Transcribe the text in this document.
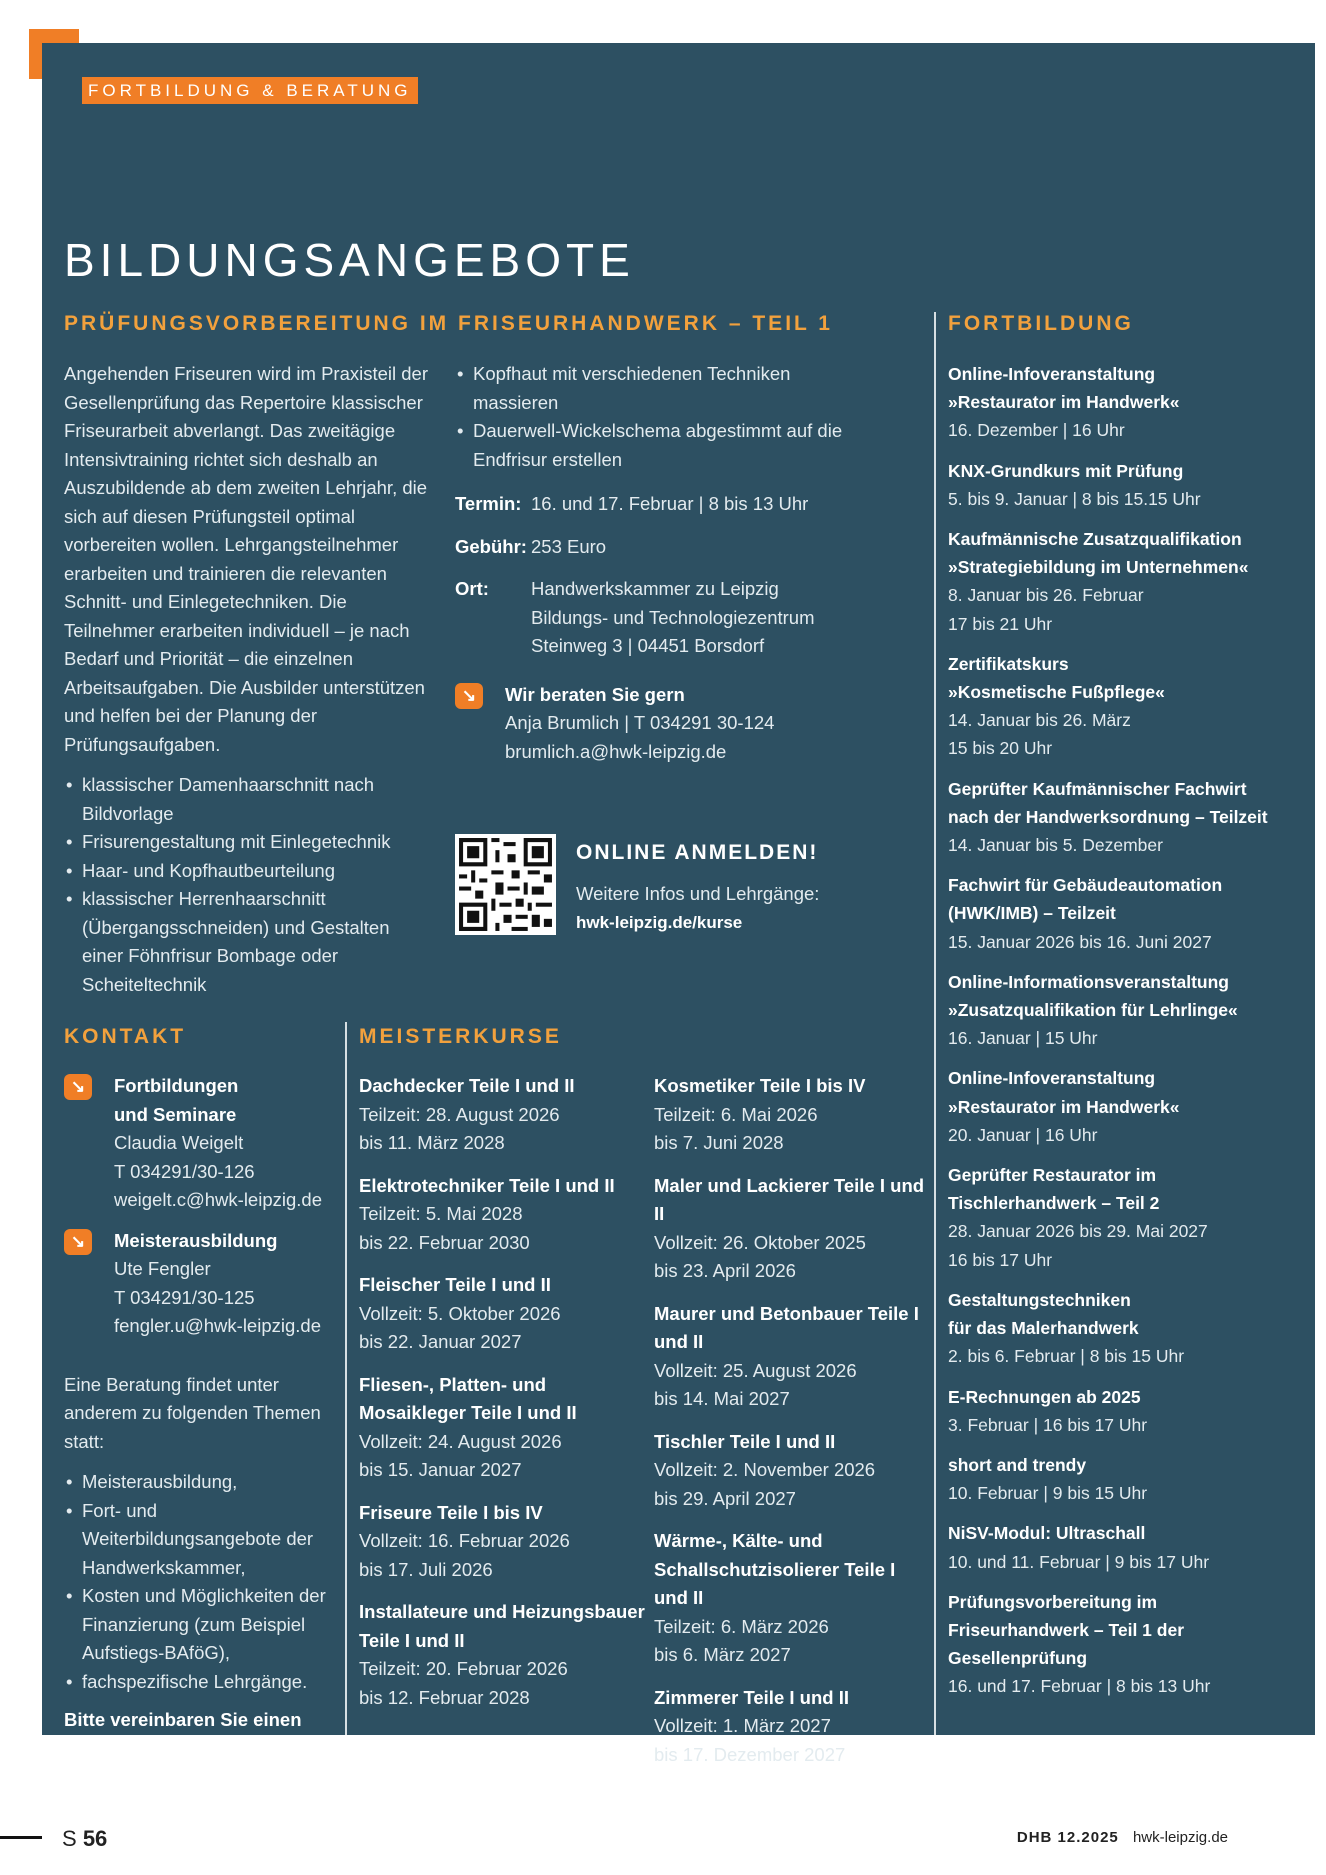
FORTBILDUNG & BERATUNG
BILDUNGSANGEBOTE
PRÜFUNGSVORBEREITUNG IM FRISEURHANDWERK – TEIL 1	FORTBILDUNG
KONTAKT	MEISTERKURSE

Angehenden Friseuren wird im Praxisteil der Gesellenprüfung das Repertoire klassischer Friseurarbeit abverlangt. Das zweitägige Intensivtraining richtet sich deshalb an Auszubildende ab dem zweiten Lehrjahr, die sich auf diesen Prüfungsteil optimal vorbereiten wollen. Lehrgangsteilnehmer erarbeiten und trainieren die relevanten Schnitt- und Einlegetechniken. Die Teilnehmer erarbeiten individuell – je nach Bedarf und Priorität – die einzelnen Arbeitsaufgaben. Die Ausbilder unterstützen und helfen bei der Planung der Prüfungsaufgaben.

• klassischer Damenhaarschnitt nach Bildvorlage
• Frisurengestaltung mit Einlegetechnik
• Haar- und Kopfhautbeurteilung
• klassischer Herrenhaarschnitt (Übergangsschneiden) und Gestalten einer Föhnfrisur Bombage oder Scheiteltechnik
• Kopfhaut mit verschiedenen Techniken massieren
• Dauerwell-Wickelschema abgestimmt auf die Endfrisur erstellen
Termin: 16. und 17. Februar | 8 bis 13 Uhr
Gebühr: 253 Euro
Ort:	Handwerkskammer zu Leipzig
Bildungs- und Technologiezentrum
Steinweg 3 | 04451 Borsdorf
↘	Wir beraten Sie gern

Anja Brumlich | T 034291 30-124

brumlich.a@hwk-leipzig.de

ONLINE ANMELDEN!

Weitere Infos und Lehrgänge:

hwk-leipzig.de/kurse

↘	Fortbildungen
und Seminare

Claudia Weigelt

T 034291/30-126

weigelt.c@hwk-leipzig.de

↘	Meisterausbildung

Ute Fengler

T 034291/30-125

fengler.u@hwk-leipzig.de

Eine Beratung findet unter anderem zu folgenden Themen statt:

• Meisterausbildung,
• Fort- und Weiterbildungsangebote der Handwerkskammer,
• Kosten und Möglichkeiten der Finanzierung (zum Beispiel Aufstiegs-BAföG),
• fachspezifische Lehrgänge.

Bitte vereinbaren Sie einen individuellen Termin.

Dachdecker Teile I und II

Teilzeit: 28. August 2026

bis 11. März 2028

Elektrotechniker Teile I und II

Teilzeit: 5. Mai 2028

bis 22. Februar 2030

Fleischer Teile I und II

Vollzeit: 5. Oktober 2026

bis 22. Januar 2027

Fliesen-, Platten- und Mosaikleger Teile I und II

Vollzeit: 24. August 2026

bis 15. Januar 2027

Friseure Teile I bis IV

Vollzeit: 16. Februar 2026

bis 17. Juli 2026

Installateure und Heizungsbauer Teile I und II

Teilzeit: 20. Februar 2026

bis 12. Februar 2028

Kosmetiker Teile I bis IV

Teilzeit: 6. Mai 2026

bis 7. Juni 2028

Maler und Lackierer Teile I und II

Vollzeit: 26. Oktober 2025

bis 23. April 2026

Maurer und Betonbauer Teile I und II

Vollzeit: 25. August 2026

bis 14. Mai 2027

Tischler Teile I und II

Vollzeit: 2. November 2026

bis 29. April 2027

Wärme-, Kälte- und Schallschutzisolierer Teile I und II

Teilzeit: 6. März 2026

bis 6. März 2027

Zimmerer Teile I und II

Vollzeit: 1. März 2027

bis 17. Dezember 2027

Online-Infoveranstaltung
»Restaurator im Handwerk«

16. Dezember | 16 Uhr

KNX-Grundkurs mit Prüfung

5. bis 9. Januar | 8 bis 15.15 Uhr

Kaufmännische Zusatzqualifikation
»Strategiebildung im Unternehmen«

8. Januar bis 26. Februar
17 bis 21 Uhr

Zertifikatskurs
»Kosmetische Fußpflege«

14. Januar bis 26. März
15 bis 20 Uhr

Geprüfter Kaufmännischer Fachwirt
nach der Handwerksordnung – Teilzeit

14. Januar bis 5. Dezember

Fachwirt für Gebäudeautomation
(HWK/IMB) – Teilzeit

15. Januar 2026 bis 16. Juni 2027

Online-Informationsveranstaltung
»Zusatzqualifikation für Lehrlinge«

16. Januar | 15 Uhr

Online-Infoveranstaltung
»Restaurator im Handwerk«

20. Januar | 16 Uhr

Geprüfter Restaurator im
Tischlerhandwerk – Teil 2

28. Januar 2026 bis 29. Mai 2027
16 bis 17 Uhr

Gestaltungstechniken
für das Malerhandwerk

2. bis 6. Februar | 8 bis 15 Uhr

E-Rechnungen ab 2025

3. Februar | 16 bis 17 Uhr

short and trendy

10. Februar | 9 bis 15 Uhr

NiSV-Modul: Ultraschall

10. und 11. Februar | 9 bis 17 Uhr

Prüfungsvorbereitung im Friseurhandwerk – Teil 1 der Gesellenprüfung

16. und 17. Februar | 8 bis 13 Uhr

S 56	DHB 12.2025 hwk-leipzig.de
